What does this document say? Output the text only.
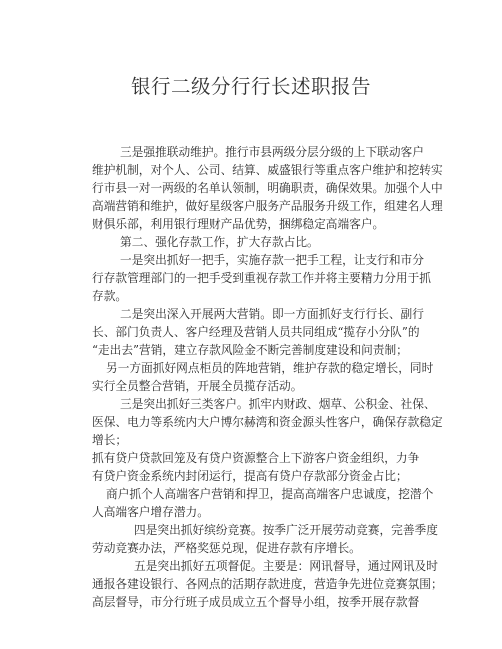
银行二级分行行长述职报告
三是强推联动维护。推行市县两级分层分级的上下联动客户
维护机制，对个人、公司、结算、威盛银行等重点客户维护和挖转实
行市县一对一两级的名单认领制，明确职责，确保效果。加强个人中
高端营销和维护，做好星级客户服务产品服务升级工作，组建名人理
财俱乐部，利用银行理财产品优势，捆绑稳定高端客户。
第二、强化存款工作，扩大存款占比。
一是突出抓好一把手，实施存款一把手工程，让支行和市分
行存款管理部门的一把手受到重视存款工作并将主要精力分用于抓
存款。
二是突出深入开展两大营销。即一方面抓好支行行长、副行
长、部门负责人、客户经理及营销人员共同组成“揽存小分队”的
“走出去”营销，建立存款风险金不断完善制度建设和问责制；
另一方面抓好网点柜员的阵地营销，维护存款的稳定增长，同时
实行全员整合营销，开展全员揽存活动。
三是突出抓好三类客户。抓牢内财政、烟草、公积金、社保、
医保、电力等系统内大户博尔赫湾和资金源头性客户，确保存款稳定
增长；
抓有贷户贷款回笼及有贷户资源整合上下游客户资金组织，力争
有贷户资金系统内封闭运行，提高有贷户存款部分资金占比；
商户抓个人高端客户营销和捍卫，提高高端客户忠诚度，挖潜个
人高端客户增存潜力。
四是突出抓好缤纷竞赛。按季广泛开展劳动竞赛，完善季度
劳动竞赛办法，严格奖惩兑现，促进存款有序增长。
五是突出抓好五项督促。主要是：网讯督导，通过网讯及时
通报各建设银行、各网点的活期存款进度，营造争先进位竞赛氛围；
高层督导，市分行班子成员成立五个督导小组，按季开展存款督
